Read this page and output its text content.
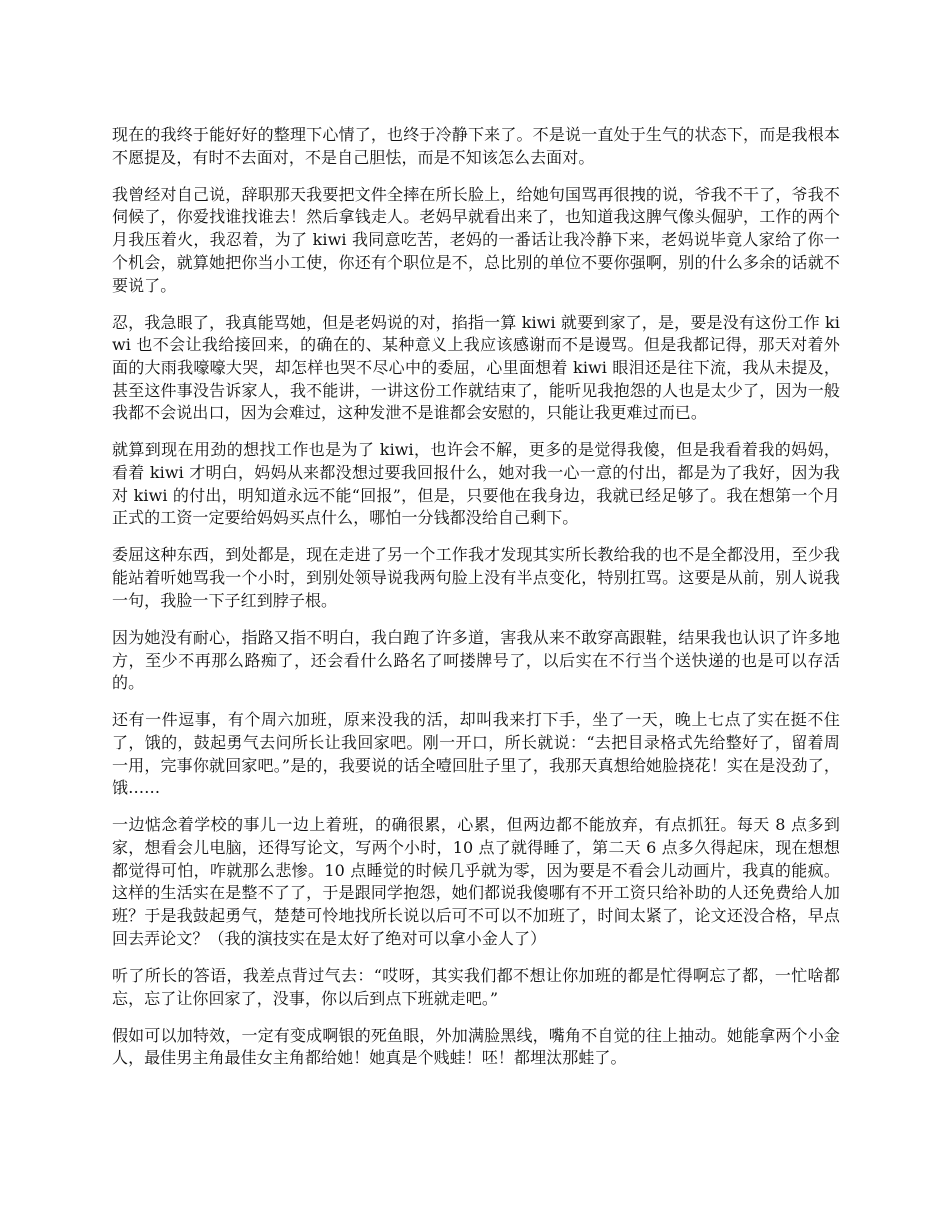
现在的我终于能好好的整理下心情了，也终于冷静下来了。不是说一直处于生气的状态下，而是我根本不愿提及，有时不去面对，不是自己胆怯，而是不知该怎么去面对。

我曾经对自己说，辞职那天我要把文件全摔在所长脸上，给她句国骂再很拽的说，爷我不干了，爷我不伺候了，你爱找谁找谁去！然后拿钱走人。老妈早就看出来了，也知道我这脾气像头倔驴，工作的两个月我压着火，我忍着，为了 kiwi 我同意吃苦，老妈的一番话让我冷静下来，老妈说毕竟人家给了你一个机会，就算她把你当小工使，你还有个职位是不，总比别的单位不要你强啊，别的什么多余的话就不要说了。

忍，我急眼了，我真能骂她，但是老妈说的对，掐指一算 kiwi 就要到家了，是，要是没有这份工作 kiwi 也不会让我给接回来，的确在的、某种意义上我应该感谢而不是谩骂。但是我都记得，那天对着外面的大雨我嚎嚎大哭，却怎样也哭不尽心中的委屈，心里面想着 kiwi 眼泪还是往下流，我从未提及，甚至这件事没告诉家人，我不能讲，一讲这份工作就结束了，能听见我抱怨的人也是太少了，因为一般我都不会说出口，因为会难过，这种发泄不是谁都会安慰的，只能让我更难过而已。

就算到现在用劲的想找工作也是为了 kiwi，也许会不解，更多的是觉得我傻，但是我看着我的妈妈，看着 kiwi 才明白，妈妈从来都没想过要我回报什么，她对我一心一意的付出，都是为了我好，因为我对 kiwi 的付出，明知道永远不能“回报”，但是，只要他在我身边，我就已经足够了。我在想第一个月正式的工资一定要给妈妈买点什么，哪怕一分钱都没给自己剩下。

委屈这种东西，到处都是，现在走进了另一个工作我才发现其实所长教给我的也不是全都没用，至少我能站着听她骂我一个小时，到别处领导说我两句脸上没有半点变化，特别扛骂。这要是从前，别人说我一句，我脸一下子红到脖子根。

因为她没有耐心，指路又指不明白，我白跑了许多道，害我从来不敢穿高跟鞋，结果我也认识了许多地方，至少不再那么路痴了，还会看什么路名了呵搂牌号了，以后实在不行当个送快递的也是可以存活的。

还有一件逗事，有个周六加班，原来没我的活，却叫我来打下手，坐了一天，晚上七点了实在挺不住了，饿的，鼓起勇气去问所长让我回家吧。刚一开口，所长就说：“去把目录格式先给整好了，留着周一用，完事你就回家吧。”是的，我要说的话全噎回肚子里了，我那天真想给她脸挠花！实在是没劲了，饿……

一边惦念着学校的事儿一边上着班，的确很累，心累，但两边都不能放弃，有点抓狂。每天 8 点多到家，想看会儿电脑，还得写论文，写两个小时，10 点了就得睡了，第二天 6 点多久得起床，现在想想都觉得可怕，咋就那么悲惨。10 点睡觉的时候几乎就为零，因为要是不看会儿动画片，我真的能疯。这样的生活实在是整不了了，于是跟同学抱怨，她们都说我傻哪有不开工资只给补助的人还免费给人加班？于是我鼓起勇气，楚楚可怜地找所长说以后可不可以不加班了，时间太紧了，论文还没合格，早点回去弄论文？（我的演技实在是太好了绝对可以拿小金人了）

听了所长的答语，我差点背过气去：“哎呀，其实我们都不想让你加班的都是忙得啊忘了都，一忙啥都忘，忘了让你回家了，没事，你以后到点下班就走吧。”

假如可以加特效，一定有变成啊银的死鱼眼，外加满脸黑线，嘴角不自觉的往上抽动。她能拿两个小金人，最佳男主角最佳女主角都给她！她真是个贱蛙！呸！都埋汰那蛙了。
